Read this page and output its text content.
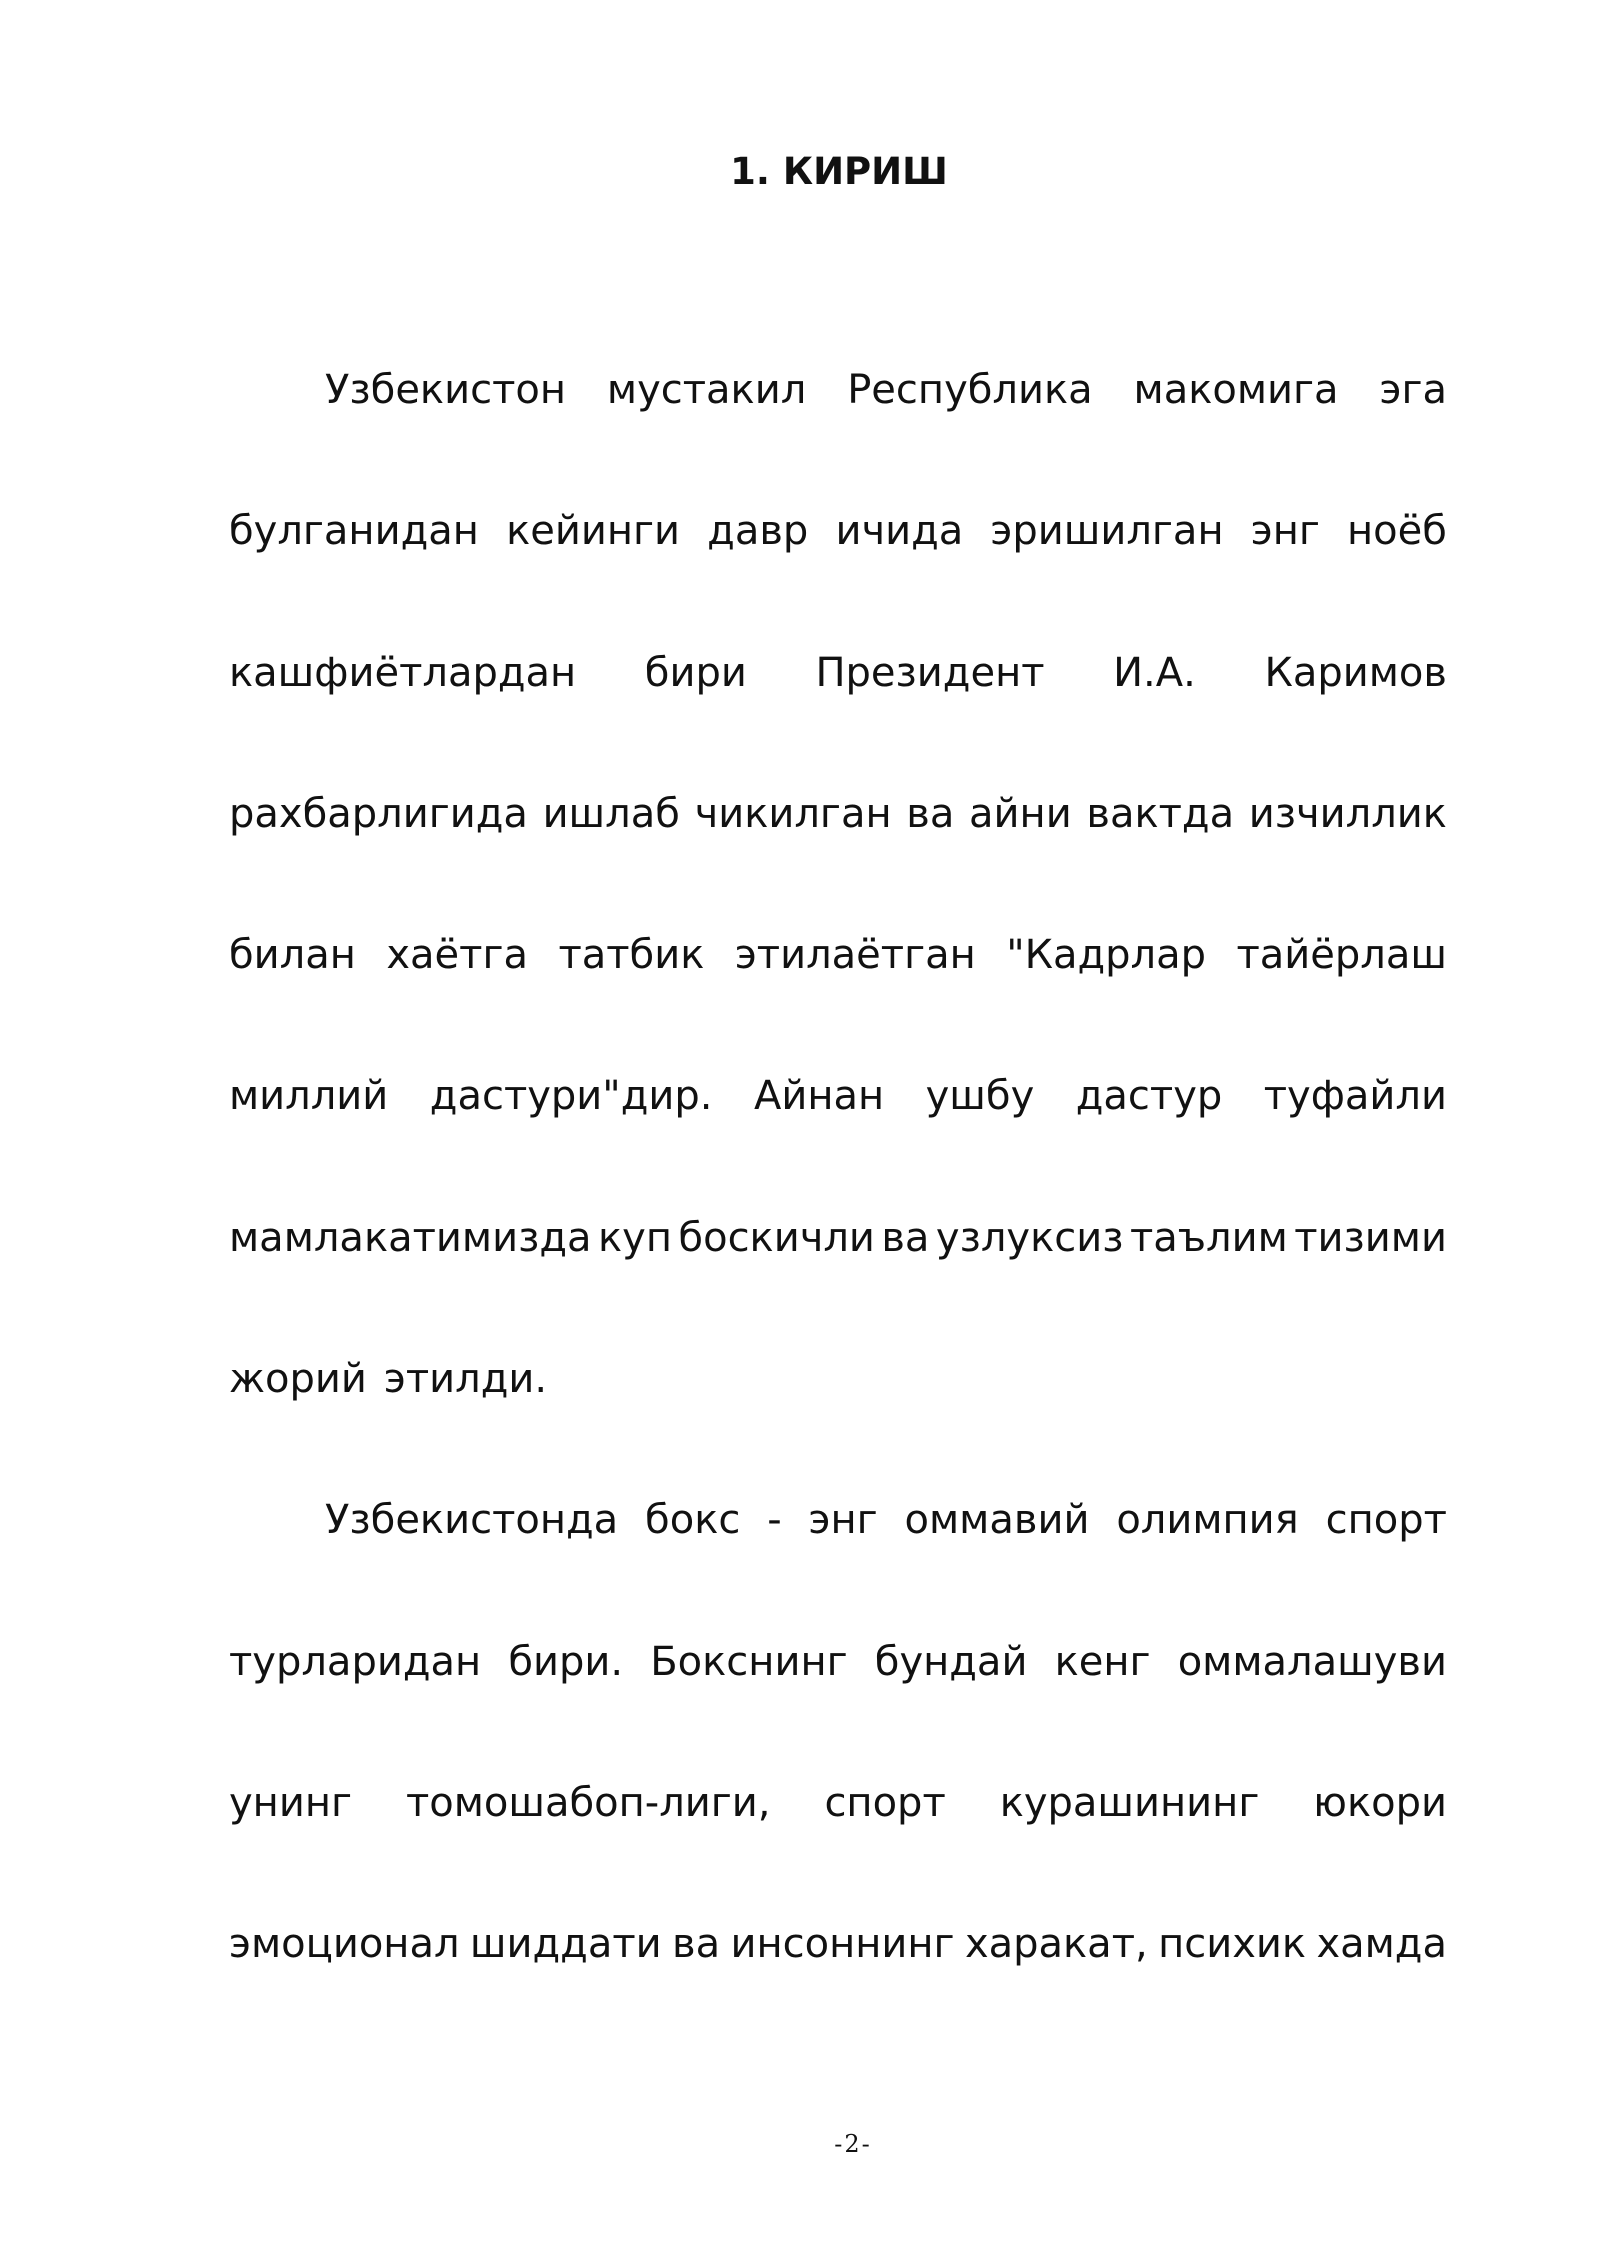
1. КИРИШ
Узбекистон мустакил Республика макомига эга
булганидан кейинги давр ичида эришилган энг ноёб
кашфиётлардан бири Президент И.А. Каримов
рахбарлигида ишлаб чикилган ва айни вактда изчиллик
билан хаётга татбик этилаётган "Кадрлар тайёрлаш
миллий дастури"дир. Айнан ушбу дастур туфайли
мамлакатимизда куп боскичли ва узлуксиз таълим тизими
жорий этилди.
Узбекистонда бокс - энг оммавий олимпия спорт
турларидан бири. Бокснинг бундай кенг оммалашуви
унинг томошабоп-лиги, спорт курашининг юкори
эмоционал шиддати ва инсоннинг харакат, психик хамда

-2-
